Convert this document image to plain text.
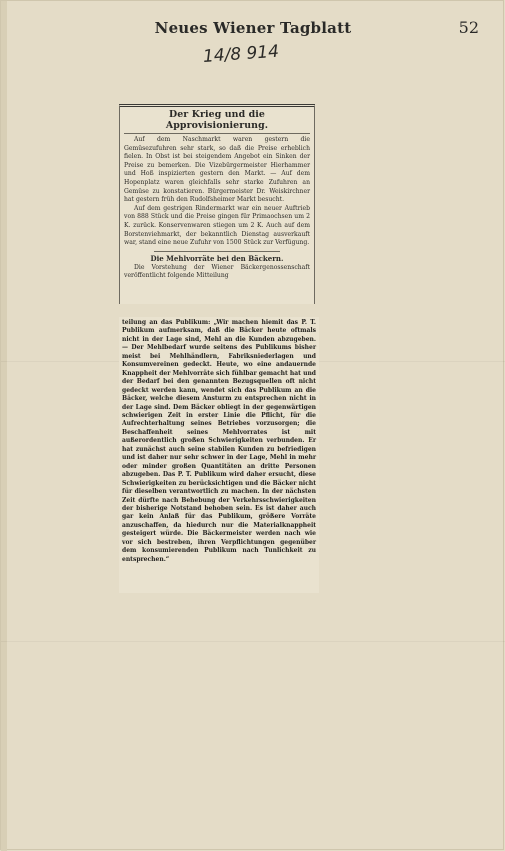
Neues Wiener Tagblatt	52
14/8 914
Der Krieg und die Approvisionierung.

Auf dem Naschmarkt waren gestern die Gemüsezufuhren sehr stark, so daß die Preise erheblich fielen. In Obst ist bei steigendem Angebot ein Sinken der Preise zu bemerken. Die Vizebürgermeister Hierhammer und Hoß inspizierten gestern den Markt. — Auf dem Hopenplatz waren gleichfalls sehr starke Zufuhren an Gemüse zu konstatieren. Bürgermeister Dr. Weiskirchner hat gestern früh den Rudolfsheimer Markt besucht.

Auf dem gestrigen Rindermarkt war ein neuer Auftrieb von 888 Stück und die Preise gingen für Primaochsen um 2 K. zurück. Konservenwaren stiegen um 2 K. Auch auf dem Borstenviehmarkt, der bekanntlich Dienstag ausverkauft war, stand eine neue Zufuhr von 1500 Stück zur Verfügung.

Die Mehlvorräte bei den Bäckern.

Die Vorstehung der Wiener Bäckergenossenschaft veröffentlicht folgende Mitteilung

teilung an das Publikum: „Wir machen hiemit das P. T. Publikum aufmerksam, daß die Bäcker heute oftmals nicht in der Lage sind, Mehl an die Kunden abzugeben. — Der Mehlbedarf wurde seitens des Publikums bisher meist bei Mehlhändlern, Fabriksniederlagen und Konsumvereinen gedeckt. Heute, wo eine andauernde Knappheit der Mehlvorräte sich fühlbar gemacht hat und der Bedarf bei den genannten Bezugsquellen oft nicht gedeckt werden kann, wendet sich das Publikum an die Bäcker, welche diesem Ansturm zu entsprechen nicht in der Lage sind. Dem Bäcker obliegt in der gegenwärtigen schwierigen Zeit in erster Linie die Pflicht, für die Aufrechterhaltung seines Betriebes vorzusorgen; die Beschaffenheit seines Mehlvorrates ist mit außerordentlich großen Schwierigkeiten verbunden. Er hat zunächst auch seine stabilen Kunden zu befriedigen und ist daher nur sehr schwer in der Lage, Mehl in mehr oder minder großen Quantitäten an dritte Personen abzugeben. Das P. T. Publikum wird daher ersucht, diese Schwierigkeiten zu berücksichtigen und die Bäcker nicht für dieselben verantwortlich zu machen. In der nächsten Zeit dürfte nach Behebung der Verkehrsschwierigkeiten der bisherige Notstand behoben sein. Es ist daher auch gar kein Anlaß für das Publikum, größere Vorräte anzuschaffen, da hiedurch nur die Materialknappheit gesteigert würde. Die Bäckermeister werden nach wie vor sich bestreben, ihren Verpflichtungen gegenüber dem konsumierenden Publikum nach Tunlichkeit zu entsprechen.“
